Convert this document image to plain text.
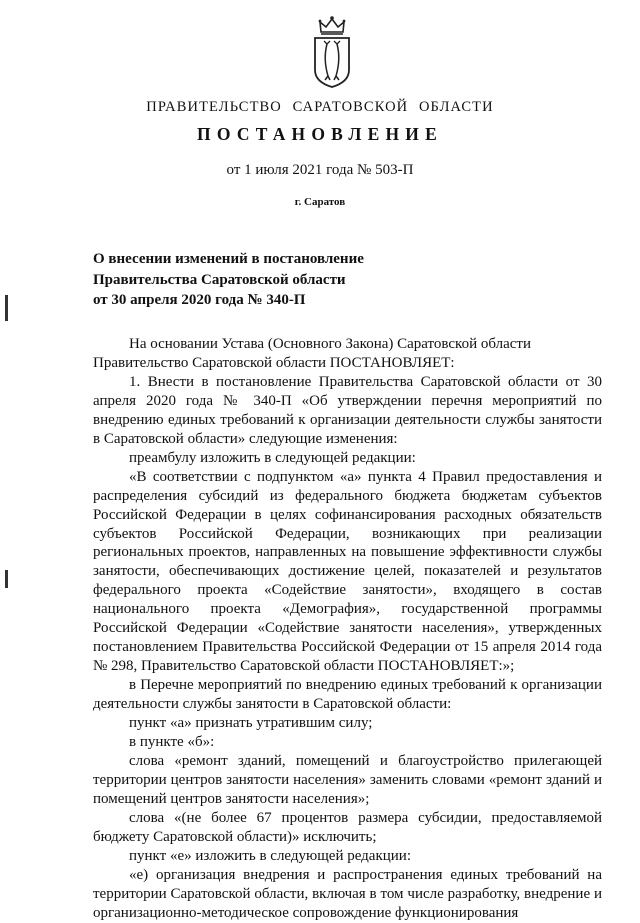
ПРАВИТЕЛЬСТВО САРАТОВСКОЙ ОБЛАСТИ
ПОСТАНОВЛЕНИЕ
от 1 июля 2021 года № 503-П
г. Саратов
О внесении изменений в постановление
Правительства Саратовской области
от 30 апреля 2020 года № 340-П

На основании Устава (Основного Закона) Саратовской области

Правительство Саратовской области ПОСТАНОВЛЯЕТ:

1. Внести в постановление Правительства Саратовской области от 30 апреля 2020 года № 340-П «Об утверждении перечня мероприятий по внедрению единых требований к организации деятельности службы занятости в Саратовской области» следующие изменения:

преамбулу изложить в следующей редакции:

«В соответствии с подпунктом «а» пункта 4 Правил предоставления и распределения субсидий из федерального бюджета бюджетам субъектов Российской Федерации в целях софинансирования расходных обязательств субъектов Российской Федерации, возникающих при реализации региональных проектов, направленных на повышение эффективности службы занятости, обеспечивающих достижение целей, показателей и результатов федерального проекта «Содействие занятости», входящего в состав национального проекта «Демография», государственной программы Российской Федерации «Содействие занятости населения», утвержденных постановлением Правительства Российской Федерации от 15 апреля 2014 года № 298, Правительство Саратовской области ПОСТАНОВЛЯЕТ:»;

в Перечне мероприятий по внедрению единых требований к организации деятельности службы занятости в Саратовской области:

пункт «а» признать утратившим силу;

в пункте «б»:

слова «ремонт зданий, помещений и благоустройство прилегающей территории центров занятости населения» заменить словами «ремонт зданий и помещений центров занятости населения»;

слова «(не более 67 процентов размера субсидии, предоставляемой бюджету Саратовской области)» исключить;

пункт «е» изложить в следующей редакции:

«е) организация внедрения и распространения единых требований на территории Саратовской области, включая в том числе разработку, внедрение и организационно-методическое сопровождение функционирования
